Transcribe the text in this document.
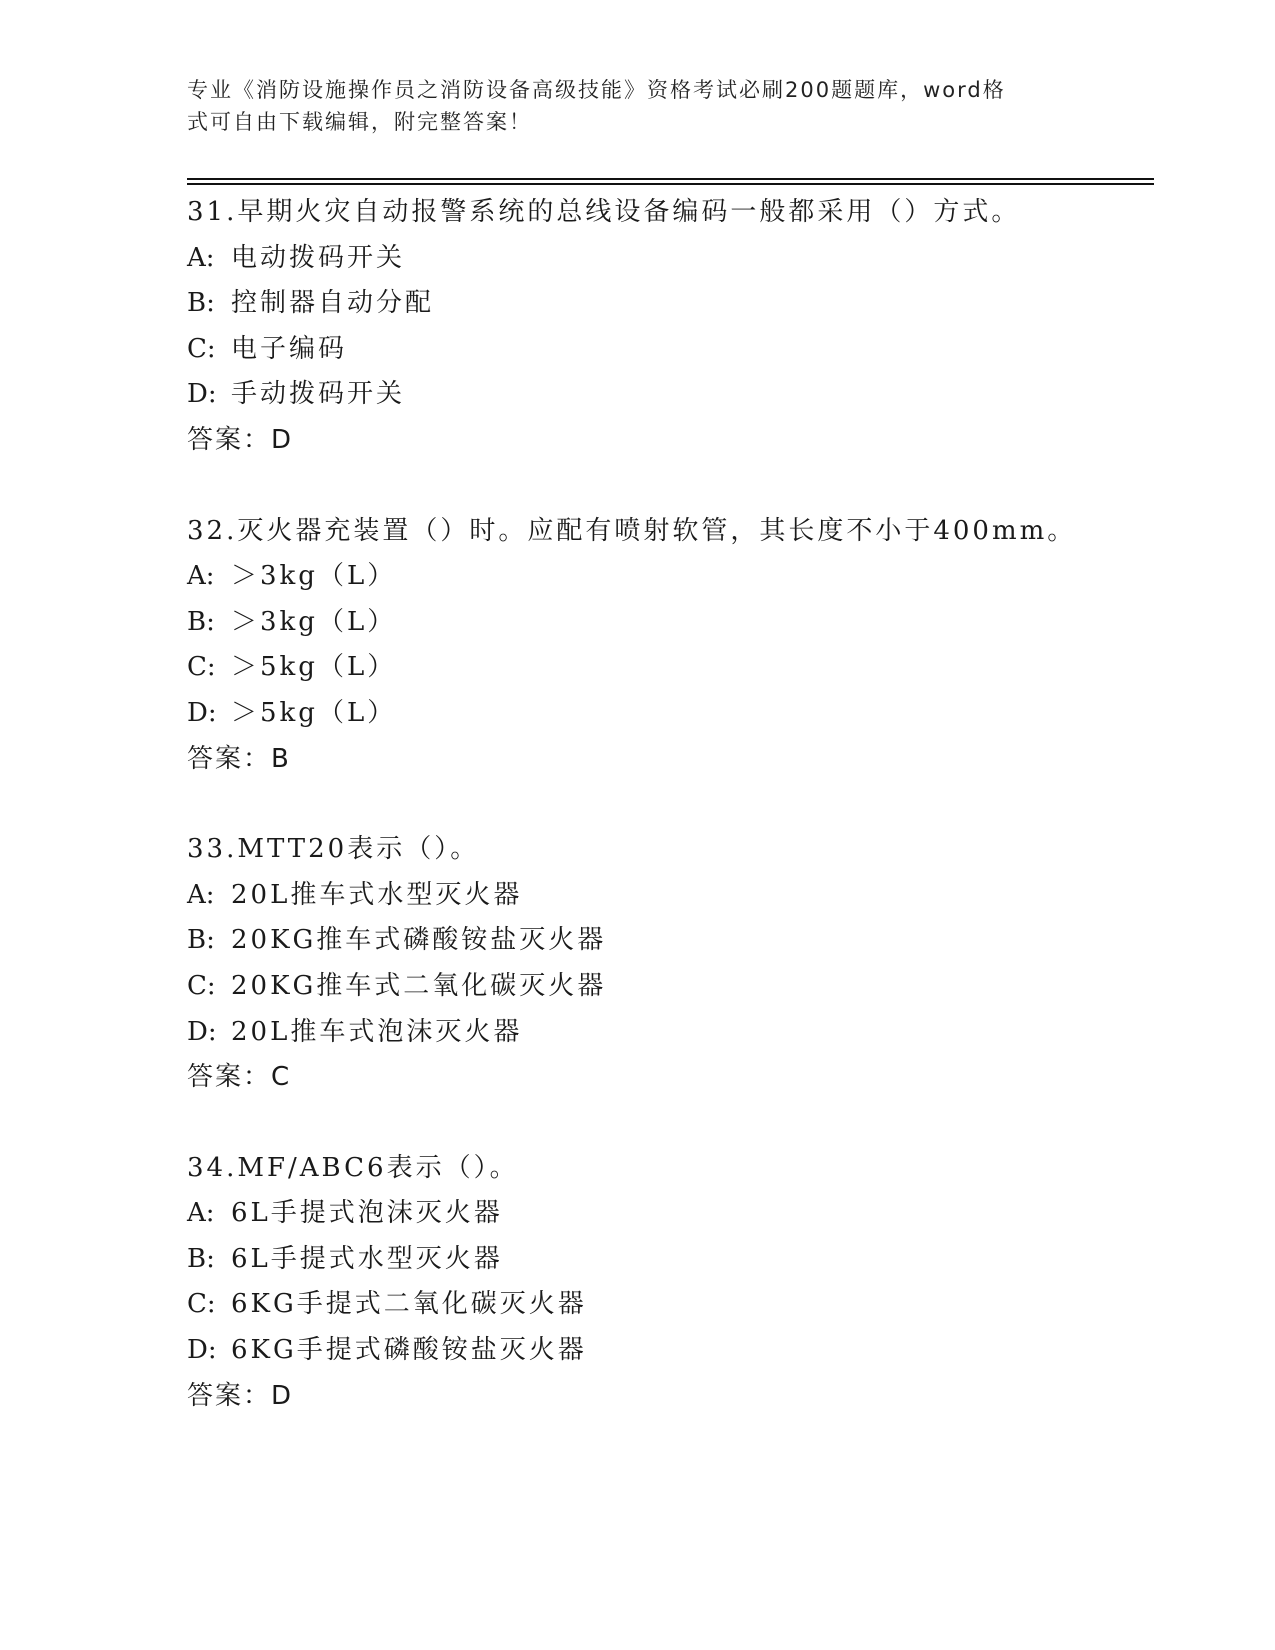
专业《消防设施操作员之消防设备高级技能》资格考试必刷200题题库，word格
式可自由下载编辑，附完整答案！
31.早期火灾自动报警系统的总线设备编码一般都采用（）方式。
A: 电动拨码开关
B: 控制器自动分配
C: 电子编码
D: 手动拨码开关
答案：D
32.灭火器充装置（）时。应配有喷射软管，其长度不小于400mm。
A: ＞3kg（L）
B: ＞3kg（L）
C: ＞5kg（L）
D: ＞5kg（L）
答案：B
33.MTT20表示（）。
A: 20L推车式水型灭火器
B: 20KG推车式磷酸铵盐灭火器
C: 20KG推车式二氧化碳灭火器
D: 20L推车式泡沫灭火器
答案：C
34.MF/ABC6表示（）。
A: 6L手提式泡沫灭火器
B: 6L手提式水型灭火器
C: 6KG手提式二氧化碳灭火器
D: 6KG手提式磷酸铵盐灭火器
答案：D
